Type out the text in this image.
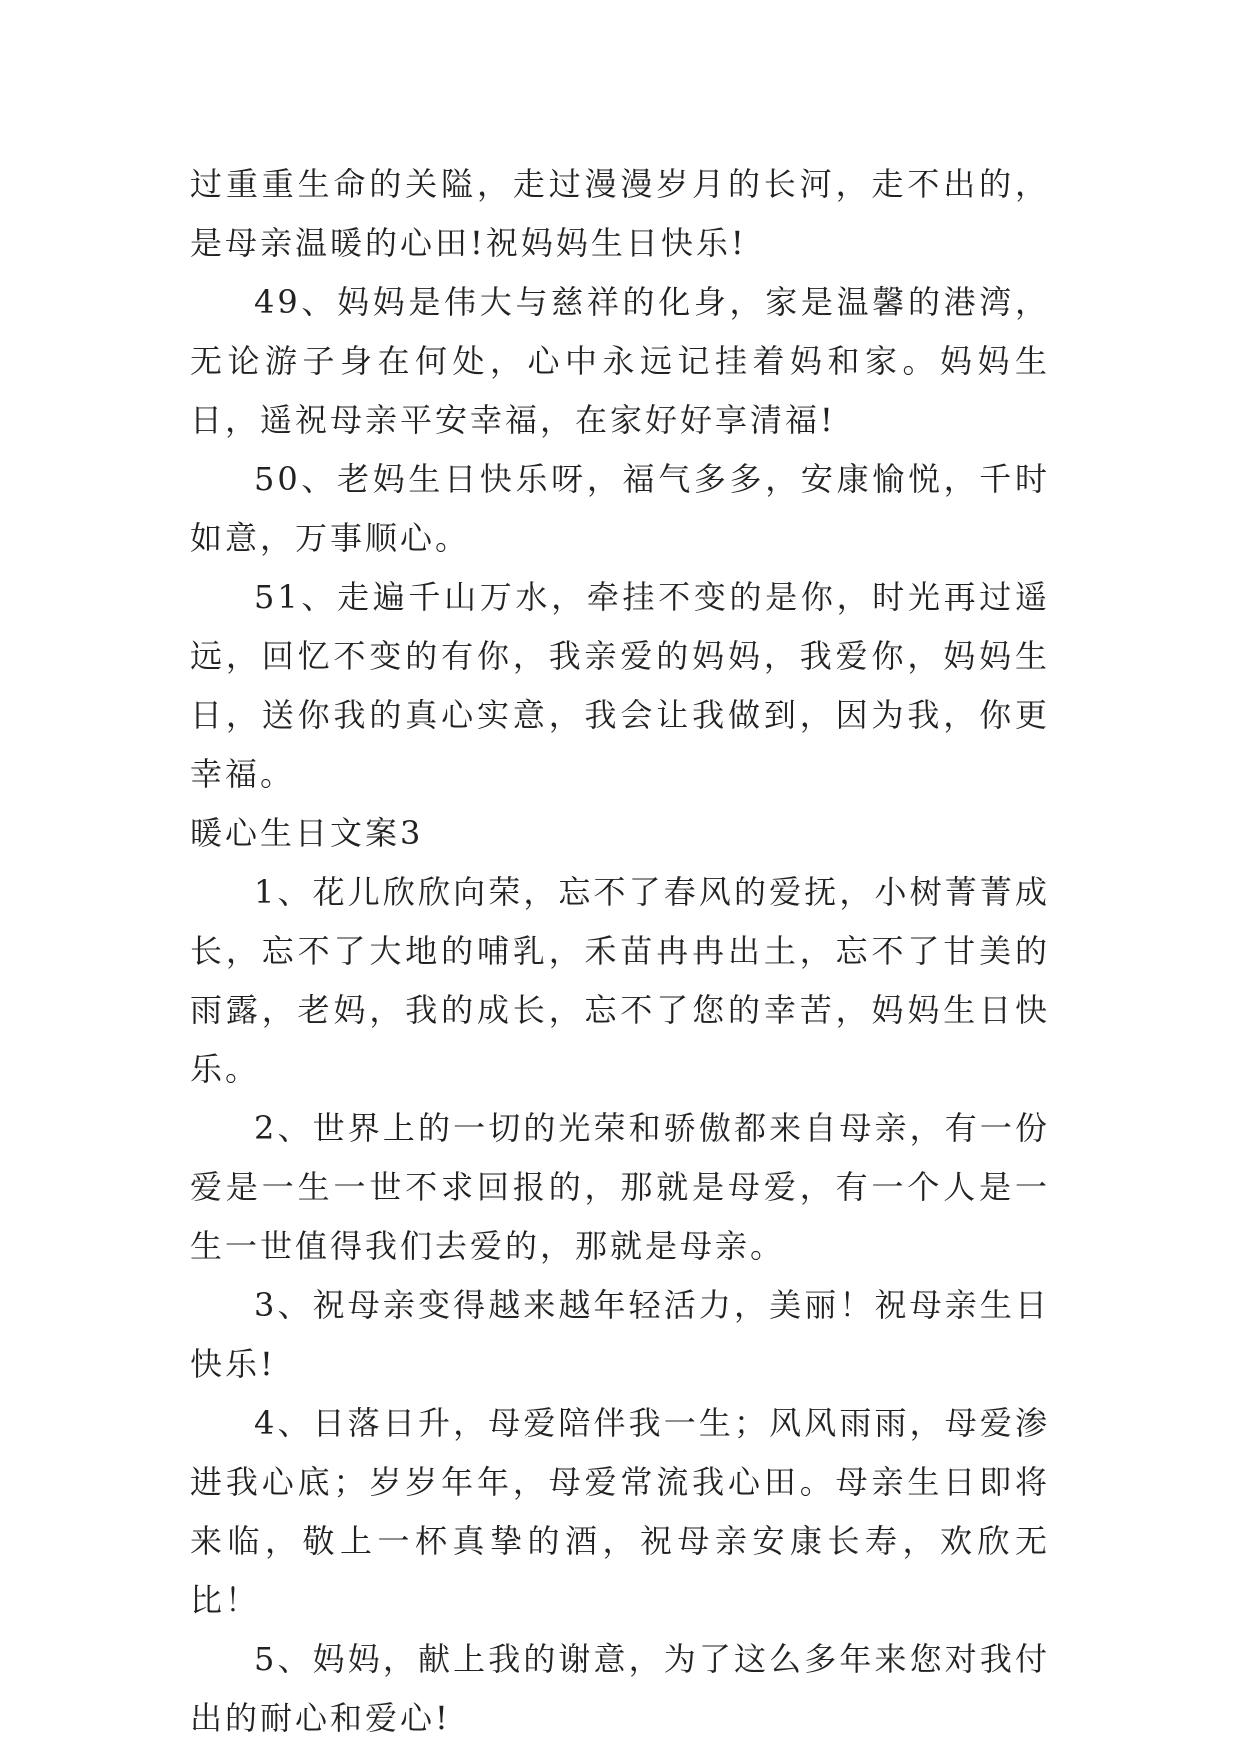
过重重生命的关隘，走过漫漫岁月的长河，走不出的，是母亲温暖的心田!祝妈妈生日快乐!

49、妈妈是伟大与慈祥的化身，家是温馨的港湾，无论游子身在何处，心中永远记挂着妈和家。妈妈生日，遥祝母亲平安幸福，在家好好享清福!

50、老妈生日快乐呀，福气多多，安康愉悦，千时如意，万事顺心。

51、走遍千山万水，牵挂不变的是你，时光再过遥远，回忆不变的有你，我亲爱的妈妈，我爱你，妈妈生日，送你我的真心实意，我会让我做到，因为我，你更幸福。

暖心生日文案3

1、花儿欣欣向荣，忘不了春风的爱抚，小树菁菁成长，忘不了大地的哺乳，禾苗冉冉出土，忘不了甘美的雨露，老妈，我的成长，忘不了您的幸苦，妈妈生日快乐。

2、世界上的一切的光荣和骄傲都来自母亲，有一份爱是一生一世不求回报的，那就是母爱，有一个人是一生一世值得我们去爱的，那就是母亲。

3、祝母亲变得越来越年轻活力，美丽！祝母亲生日快乐!

4、日落日升，母爱陪伴我一生；风风雨雨，母爱渗进我心底；岁岁年年，母爱常流我心田。母亲生日即将来临，敬上一杯真挚的酒，祝母亲安康长寿，欢欣无比！

5、妈妈，献上我的谢意，为了这么多年来您对我付出的耐心和爱心!
